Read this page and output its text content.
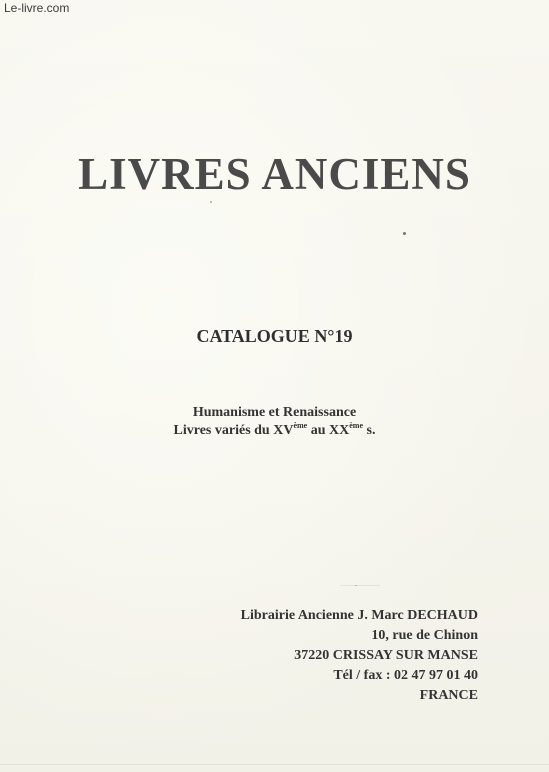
Le-livre.com
LIVRES ANCIENS
CATALOGUE N°19
Humanisme et Renaissance
Livres variés du XVème au XXème s.
Librairie Ancienne J. Marc DECHAUD
10, rue de Chinon
37220 CRISSAY SUR MANSE
Tél / fax : 02 47 97 01 40
FRANCE
